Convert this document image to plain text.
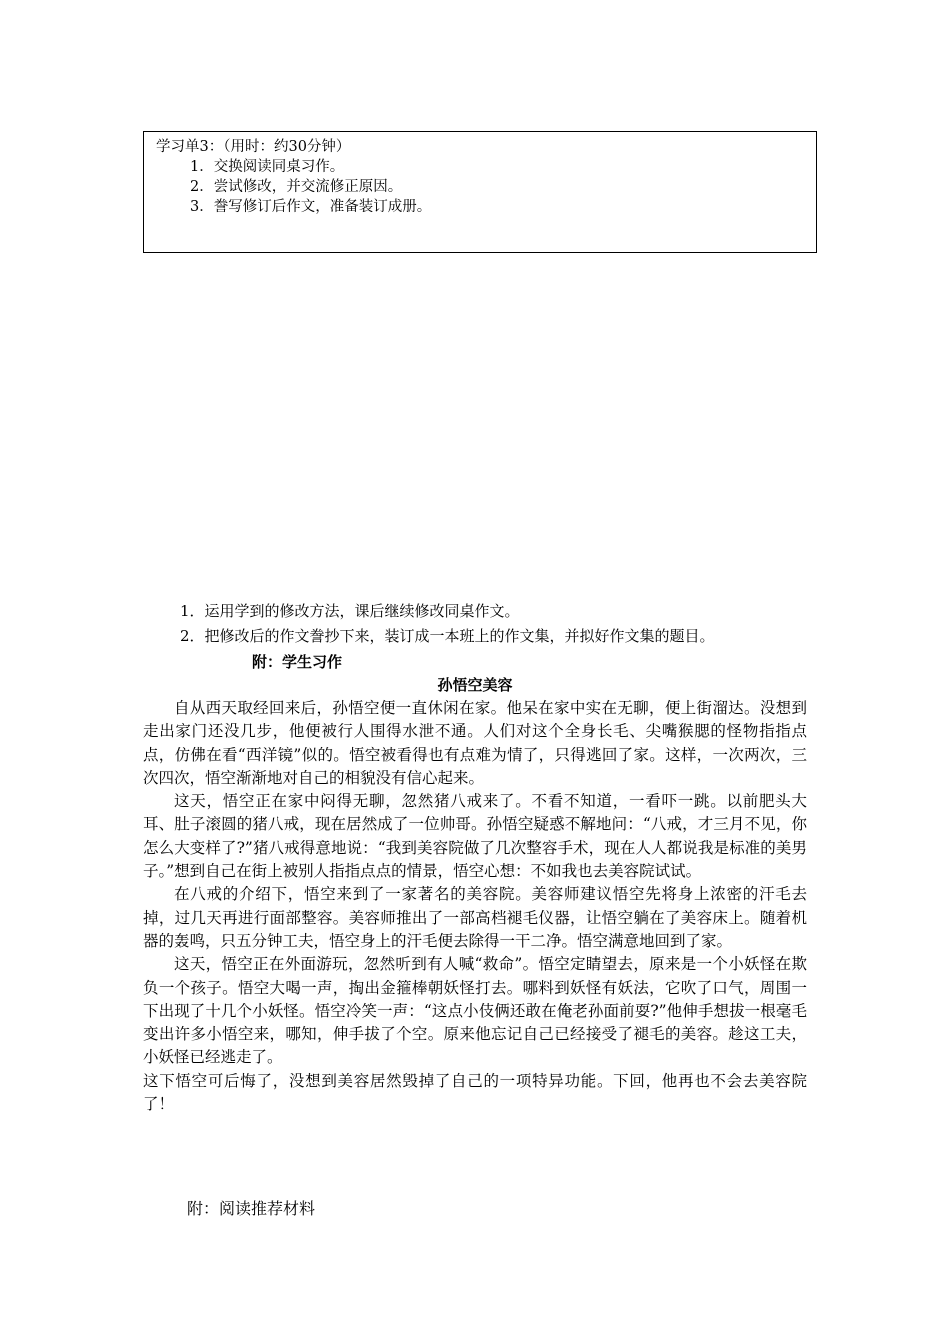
学习单3：（用时：约30分钟）
1．交换阅读同桌习作。
2．尝试修改，并交流修正原因。
3．誊写修订后作文，准备装订成册。
1．运用学到的修改方法，课后继续修改同桌作文。
2．把修改后的作文誊抄下来，装订成一本班上的作文集，并拟好作文集的题目。
附：学生习作
孙悟空美容

自从西天取经回来后，孙悟空便一直休闲在家。他呆在家中实在无聊，便上街溜达。没想到走出家门还没几步，他便被行人围得水泄不通。人们对这个全身长毛、尖嘴猴腮的怪物指指点点，仿佛在看“西洋镜”似的。悟空被看得也有点难为情了，只得逃回了家。这样，一次两次，三次四次，悟空渐渐地对自己的相貌没有信心起来。

这天，悟空正在家中闷得无聊，忽然猪八戒来了。不看不知道，一看吓一跳。以前肥头大耳、肚子滚圆的猪八戒，现在居然成了一位帅哥。孙悟空疑惑不解地问：“八戒，才三月不见，你怎么大变样了?”猪八戒得意地说：“我到美容院做了几次整容手术，现在人人都说我是标准的美男子。”想到自己在街上被别人指指点点的情景，悟空心想：不如我也去美容院试试。

在八戒的介绍下，悟空来到了一家著名的美容院。美容师建议悟空先将身上浓密的汗毛去掉，过几天再进行面部整容。美容师推出了一部高档褪毛仪器，让悟空躺在了美容床上。随着机器的轰鸣，只五分钟工夫，悟空身上的汗毛便去除得一干二净。悟空满意地回到了家。

这天，悟空正在外面游玩，忽然听到有人喊“救命”。悟空定睛望去，原来是一个小妖怪在欺负一个孩子。悟空大喝一声，掏出金箍棒朝妖怪打去。哪料到妖怪有妖法，它吹了口气，周围一下出现了十几个小妖怪。悟空冷笑一声：“这点小伎俩还敢在俺老孙面前耍?”他伸手想拔一根毫毛变出许多小悟空来，哪知，伸手拔了个空。原来他忘记自己已经接受了褪毛的美容。趁这工夫，小妖怪已经逃走了。

这下悟空可后悔了，没想到美容居然毁掉了自己的一项特异功能。下回，他再也不会去美容院了！

附：阅读推荐材料
